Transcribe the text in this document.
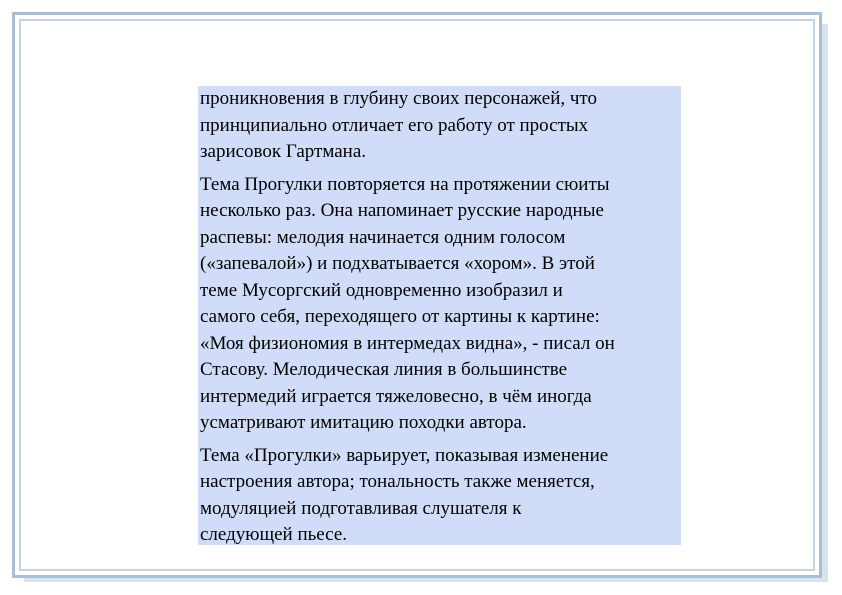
проникновения в глубину своих персонажей, что
принципиально отличает его работу от простых
зарисовок Гартмана.

Тема Прогулки повторяется на протяжении сюиты
несколько раз. Она напоминает русские народные
распевы: мелодия начинается одним голосом
(«запевалой») и подхватывается «хором». В этой
теме Мусоргский одновременно изобразил и
самого себя, переходящего от картины к картине:
«Моя физиономия в интермедах видна», - писал он
Стасову. Мелодическая линия в большинстве
интермедий играется тяжеловесно, в чём иногда
усматривают имитацию походки автора.

Тема «Прогулки» варьирует, показывая изменение
настроения автора; тональность также меняется,
модуляцией подготавливая слушателя к
следующей пьесе.
